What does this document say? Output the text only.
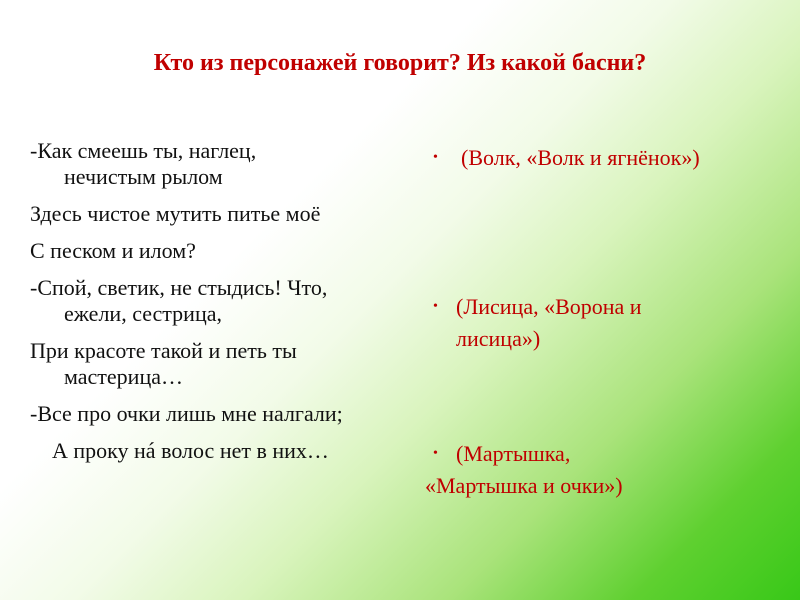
Кто из персонажей говорит? Из какой басни?
-Как смеешь ты, наглец,
нечистым рылом
Здесь чистое мутить питье моё
С песком и илом?
-Спой, светик, не стыдись! Что,
ежели, сестрица,
При красоте такой и петь ты
мастерица…
-Все про очки лишь мне налгали;
А проку нá волос нет в них…
•	(Волк, «Волк и ягнёнок»)
• (Лисица, «Ворона и
лисица»)
• (Мартышка,
«Мартышка и очки»)
